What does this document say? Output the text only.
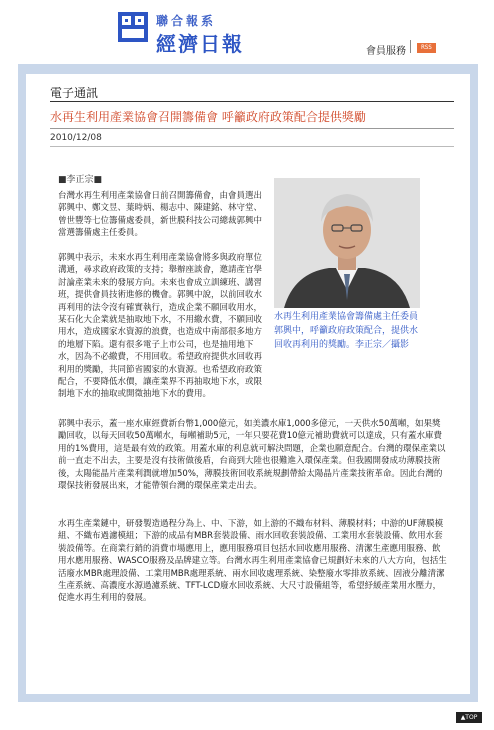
聯合報系
經濟日報	會員服務	RSS
電子通訊
水再生利用產業協會召開籌備會 呼籲政府政策配合提供獎勵
2010/12/08
■李正宗■
水再生利用產業協會籌備處主任委員郭興中，呼籲政府政策配合，提供水回收再利用的獎勵。李正宗／攝影

台灣水再生利用產業協會日前召開籌備會，由會員選出郭興中、鄭文昱、葉時炳、楊志中、陳建銘、林守堂、曾世豐等七位籌備處委員，新世膜科技公司總裁郭興中當選籌備處主任委員。

郭興中表示，未來水再生利用產業協會將多與政府單位溝通，尋求政府政策的支持；舉辦座談會，邀請產官學討論產業未來的發展方向。未來也會成立訓練班、講習班，提供會員技術進修的機會。郭興中說，以前回收水再利用的法令沒有確實執行，造成企業不願回收用水，某石化大企業就是抽取地下水，不用繳水費，不願回收用水，造成國家水資源的浪費，也造成中南部很多地方的地層下陷。還有很多電子上市公司，也是抽用地下水，因為不必繳費，不用回收。希望政府提供水回收再利用的獎勵，共同節省國家的水資源。也希望政府政策配合，不要降低水價，讓產業界不再抽取地下水，或限制地下水的抽取或開徵抽地下水的費用。

郭興中表示，蓋一座水庫經費新台幣1,000億元，如美濃水庫1,000多億元，一天供水50萬噸，如果獎勵回收，以每天回收50萬噸水，每噸補助5元，一年只要花費10億元補助費就可以達成，只有蓋水庫費用的1%費用，這是最有效的政策。用蓋水庫的利息就可解決問題，企業也願意配合。台灣的環保產業以前一直走不出去，主要是沒有技術做後盾，台商到大陸也很難進入環保產業。但我國開發成功薄膜技術後，太陽能晶片產業利潤就增加50%，薄膜技術回收系統規劃帶給太陽晶片產業技術革命。因此台灣的環保技術發展出來，才能帶領台灣的環保產業走出去。

水再生產業鏈中，研發製造過程分為上、中、下游，如上游的不織布材料、薄膜材料；中游的UF薄膜模組、不織布過濾模組；下游的成品有MBR套裝設備、雨水回收套裝設備、工業用水套裝設備、飲用水套裝設備等。在商業行銷的消費市場應用上，應用服務項目包括水回收應用服務、清潔生產應用服務、飲用水應用服務、WASCO服務及品牌建立等。台灣水再生利用產業協會已規劃好未來的八大方向，包括生活廢水MBR處理設備、工業用MBR處理系統、兩水回收處理系統、染整廢水零排放系統、固液分離清潔生產系統、高濃度水源過濾系統、TFT-LCD廢水回收系統、大尺寸設備組等，希望紓緩產業用水壓力，促進水再生利用的發展。

▲TOP
